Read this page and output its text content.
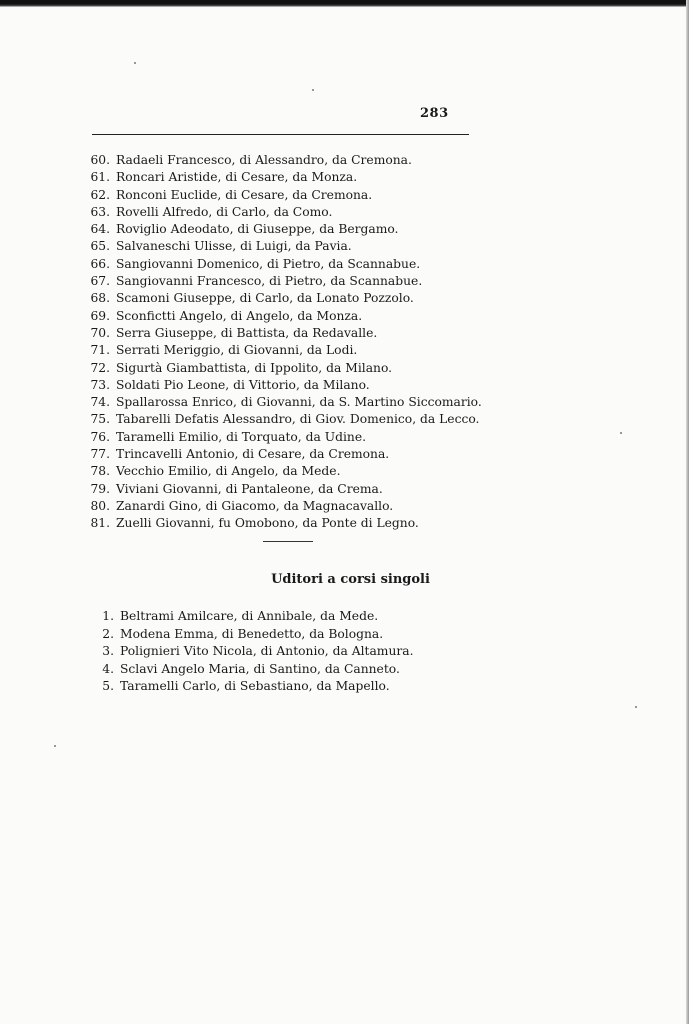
283
60. Radaeli Francesco, di Alessandro, da Cremona.
61. Roncari Aristide, di Cesare, da Monza.
62. Ronconi Euclide, di Cesare, da Cremona.
63. Rovelli Alfredo, di Carlo, da Como.
64. Roviglio Adeodato, di Giuseppe, da Bergamo.
65. Salvaneschi Ulisse, di Luigi, da Pavia.
66. Sangiovanni Domenico, di Pietro, da Scannabue.
67. Sangiovanni Francesco, di Pietro, da Scannabue.
68. Scamoni Giuseppe, di Carlo, da Lonato Pozzolo.
69. Sconfictti Angelo, di Angelo, da Monza.
70. Serra Giuseppe, di Battista, da Redavalle.
71. Serrati Meriggio, di Giovanni, da Lodi.
72. Sigurtà Giambattista, di Ippolito, da Milano.
73. Soldati Pio Leone, di Vittorio, da Milano.
74. Spallarossa Enrico, di Giovanni, da S. Martino Siccomario.
75. Tabarelli Defatis Alessandro, di Giov. Domenico, da Lecco.
76. Taramelli Emilio, di Torquato, da Udine.
77. Trincavelli Antonio, di Cesare, da Cremona.
78. Vecchio Emilio, di Angelo, da Mede.
79. Viviani Giovanni, di Pantaleone, da Crema.
80. Zanardi Gino, di Giacomo, da Magnacavallo.
81. Zuelli Giovanni, fu Omobono, da Ponte di Legno.
Uditori a corsi singoli
1. Beltrami Amilcare, di Annibale, da Mede.
2. Modena Emma, di Benedetto, da Bologna.
3. Polignieri Vito Nicola, di Antonio, da Altamura.
4. Sclavi Angelo Maria, di Santino, da Canneto.
5. Taramelli Carlo, di Sebastiano, da Mapello.
